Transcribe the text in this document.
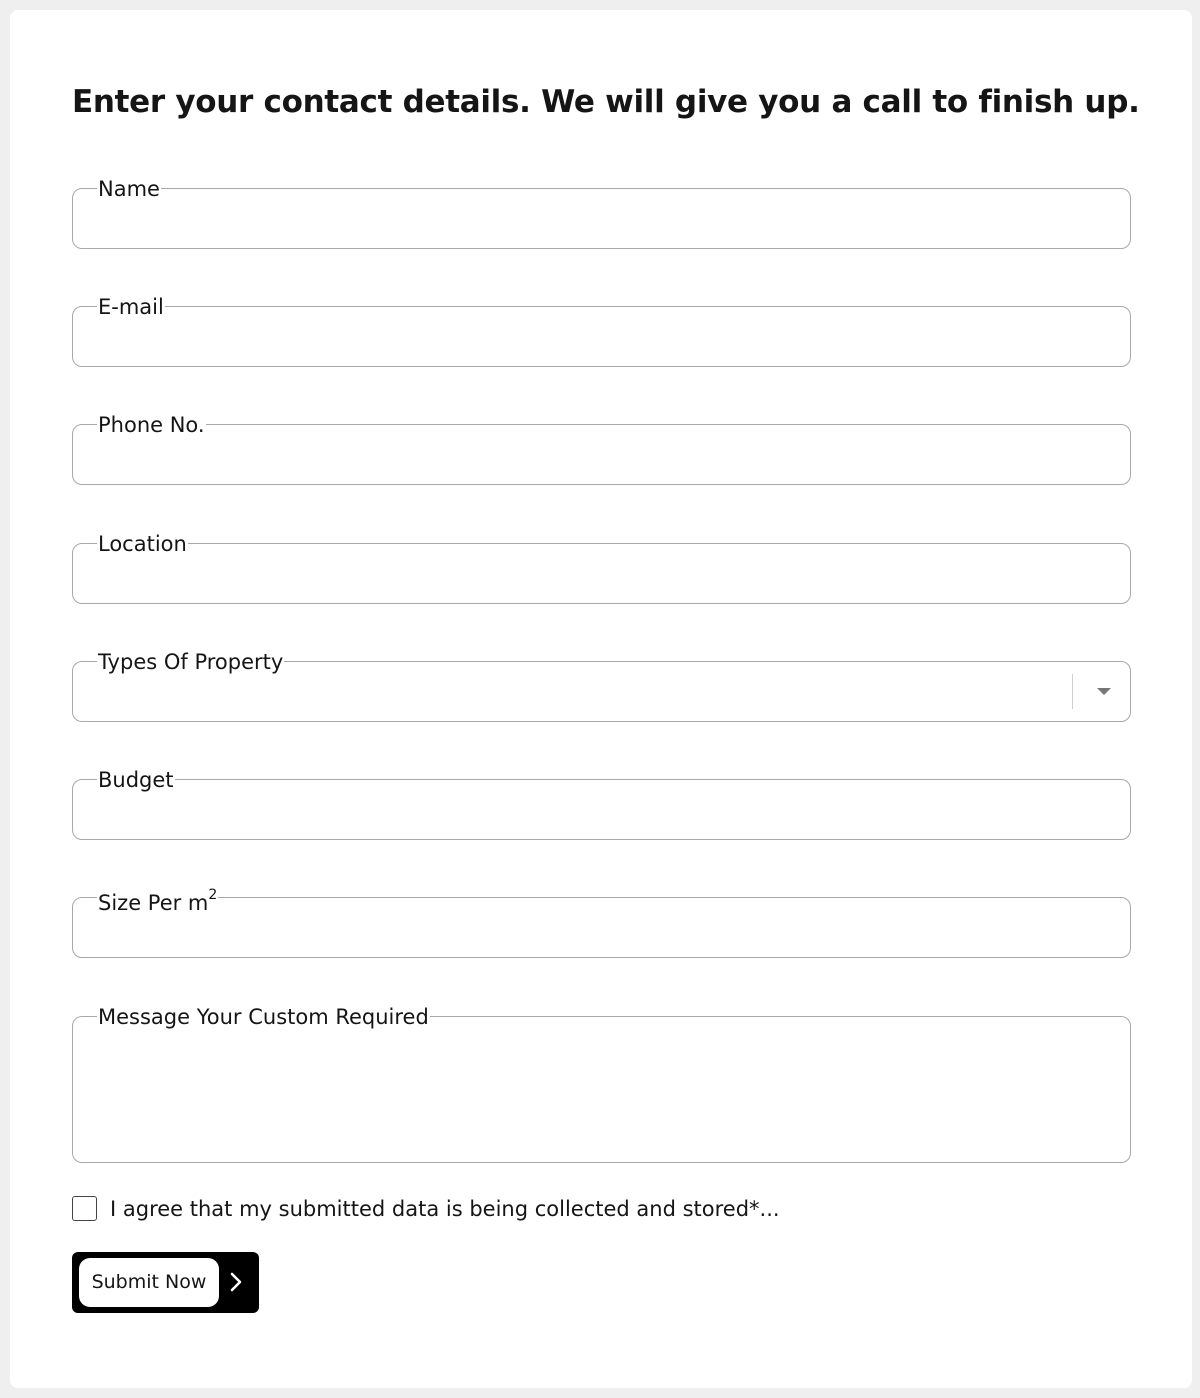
Enter your contact details. We will give you a call to finish up.
Name
E-mail
Phone No.
Location
Types Of Property
Budget
Size Per $m^2$
Message Your Custom Required
I agree that my submitted data is being collected and stored*...
Submit Now
